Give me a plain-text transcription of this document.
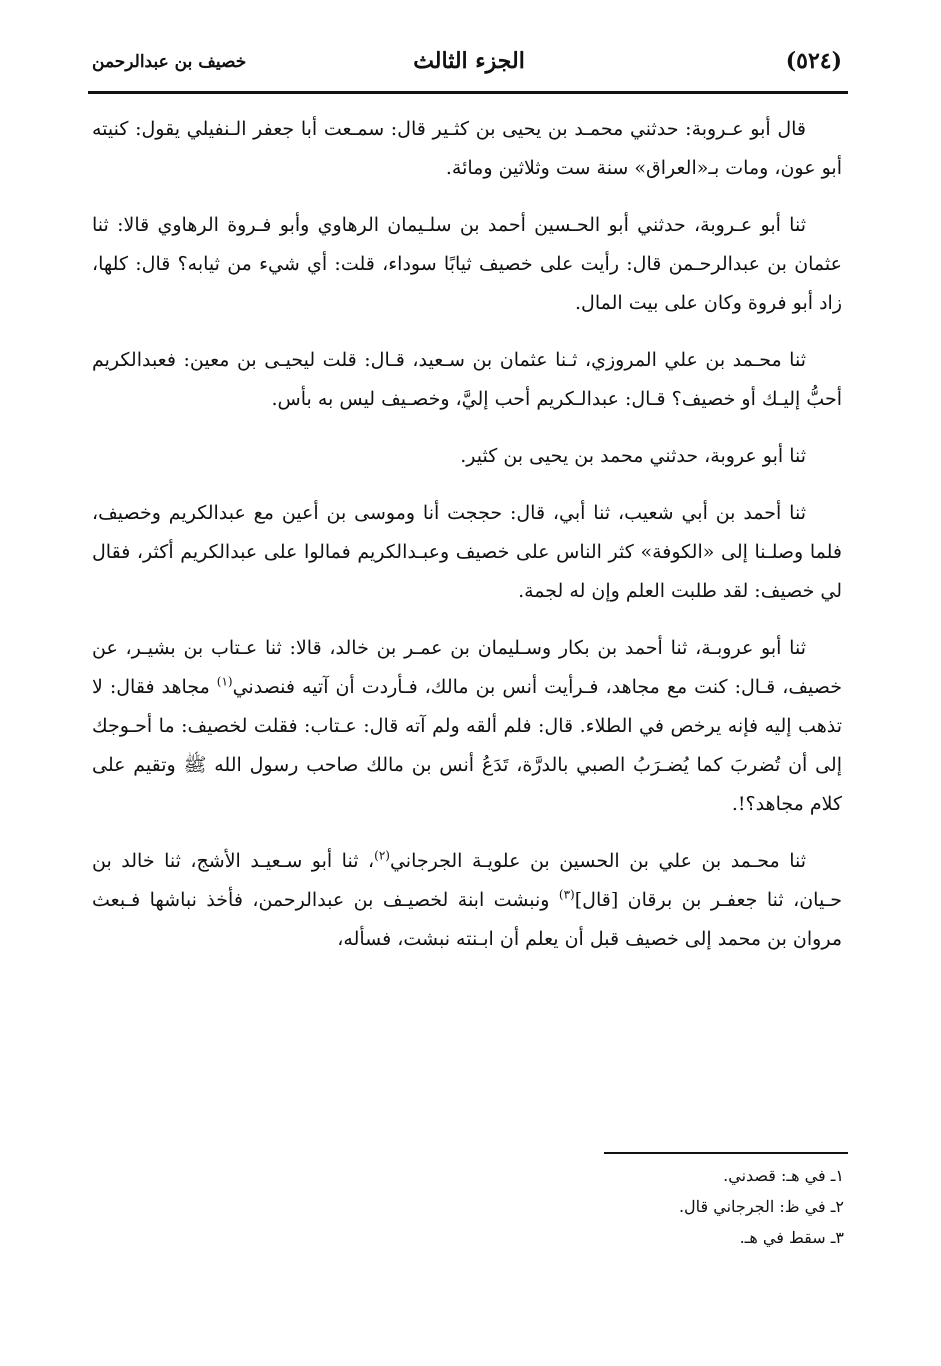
(٥٢٤)
الجزء الثالث
خصيف بن عبدالرحمن

قال أبو عـروبة: حدثني محمـد بن يحيى بن كثـير قال: سمـعت أبا جعفر الـنفيلي يقول: كنيته أبو عون، ومات بـ«العراق» سنة ست وثلاثين ومائة.

ثنا أبو عـروبة، حدثني أبو الحـسين أحمد بن سلـيمان الرهاوي وأبو فـروة الرهاوي قالا: ثنا عثمان بن عبدالرحـمن قال: رأيت على خصيف ثيابًا سوداء، قلت: أي شيء من ثيابه؟ قال: كلها، زاد أبو فروة وكان على بيت المال.

ثنا محـمد بن علي المروزي، ثـنا عثمان بن سـعيد، قـال: قلت ليحيـى بن معين: فعبدالكريم أحبُّ إليـك أو خصيف؟ قـال: عبدالـكريم أحب إليَّ، وخصـيف ليس به بأس.

ثنا أبو عروبة، حدثني محمد بن يحيى بن كثير.

ثنا أحمد بن أبي شعيب، ثنا أبي، قال: حججت أنا وموسى بن أعين مع عبدالكريم وخصيف، فلما وصلـنا إلى «الكوفة» كثر الناس على خصيف وعبـدالكريم فمالوا على عبدالكريم أكثر، فقال لي خصيف: لقد طلبت العلم وإن له لجمة.

ثنا أبو عروبـة، ثنا أحمد بن بكار وسـليمان بن عمـر بن خالد، قالا: ثنا عـتاب بن بشيـر، عن خصيف، قـال: كنت مع مجاهد، فـرأيت أنس بن مالك، فـأردت أن آتيه فنصدني$^{(١)}$ مجاهد فقال: لا تذهب إليه فإنه يرخص في الطلاء. قال: فلم ألقه ولم آته قال: عـتاب: فقلت لخصيف: ما أحـوجك إلى أن تُضربَ كما يُضـرَبُ الصبي بالدرَّة، تَدَعُ أنس بن مالك صاحب رسول الله ﷺ وتقيم على كلام مجاهد؟!.

ثنا محـمد بن علي بن الحسين بن علويـة الجرجاني$^{(٢)}$، ثنا أبو سـعيـد الأشج، ثنا خالد بن حـيان، ثنا جعفـر بن برقان [قال]$^{(٣)}$ ونبشت ابنة لخصيـف بن عبدالرحمن، فأخذ نباشها فـبعث مروان بن محمد إلى خصيف قبل أن يعلم أن ابـنته نبشت، فسأله،

١ـ في هـ: قصدني.
٢ـ في ظ: الجرجاني قال.
٣ـ سقط في هـ.
